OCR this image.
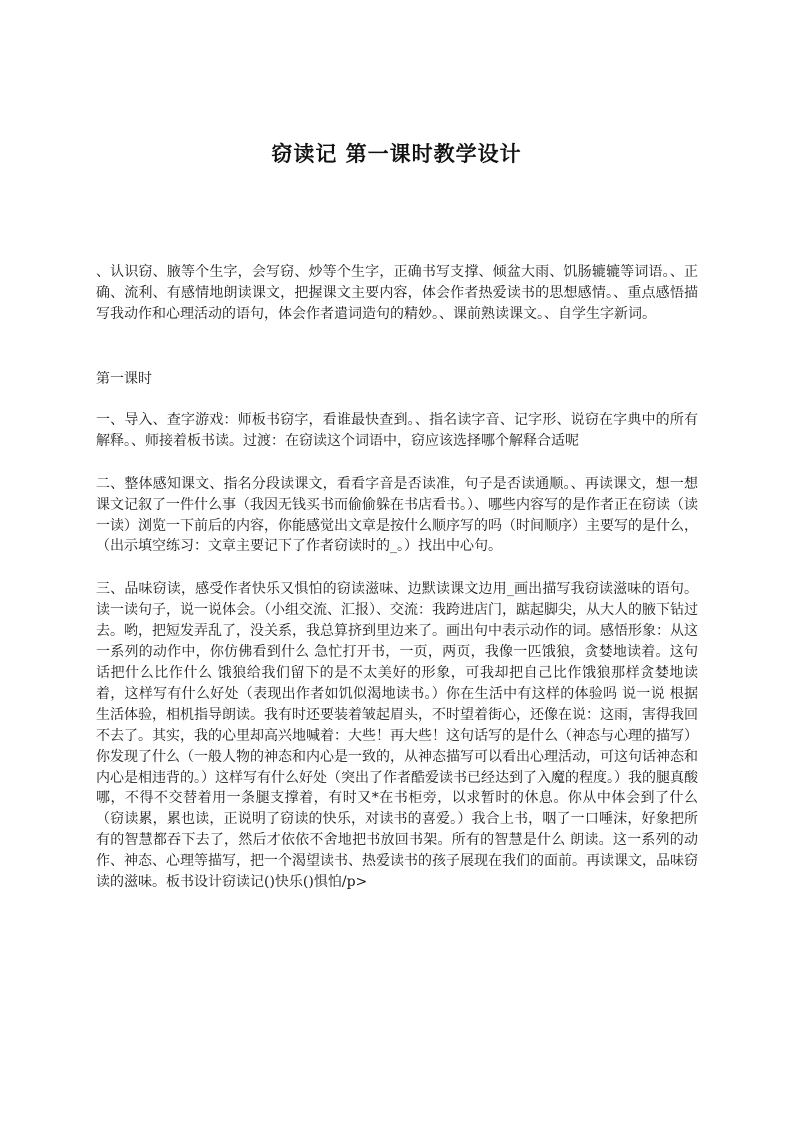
窃读记 第一课时教学设计

、认识窃、腋等个生字，会写窃、炒等个生字，正确书写支撑、倾盆大雨、饥肠辘辘等词语。、正确、流利、有感情地朗读课文，把握课文主要内容，体会作者热爱读书的思想感情。、重点感悟描写我动作和心理活动的语句，体会作者遣词造句的精妙。、课前熟读课文。、自学生字新词。

第一课时

一、导入、查字游戏：师板书窃字，看谁最快查到。、指名读字音、记字形、说窃在字典中的所有解释。、师接着板书读。过渡：在窃读这个词语中，窃应该选择哪个解释合适呢

二、整体感知课文、指名分段读课文，看看字音是否读准，句子是否读通顺。、再读课文，想一想课文记叙了一件什么事（我因无钱买书而偷偷躲在书店看书。）、哪些内容写的是作者正在窃读（读一读）浏览一下前后的内容，你能感觉出文章是按什么顺序写的吗（时间顺序）主要写的是什么，（出示填空练习：文章主要记下了作者窃读时的_。）找出中心句。

三、品味窃读，感受作者快乐又惧怕的窃读滋味、边默读课文边用_画出描写我窃读滋味的语句。读一读句子，说一说体会。（小组交流、汇报）、交流：我跨进店门，踮起脚尖，从大人的腋下钻过去。哟，把短发弄乱了，没关系，我总算挤到里边来了。画出句中表示动作的词。感悟形象：从这一系列的动作中，你仿佛看到什么 急忙打开书，一页，两页，我像一匹饿狼，贪婪地读着。这句话把什么比作什么 饿狼给我们留下的是不太美好的形象，可我却把自己比作饿狼那样贪婪地读着，这样写有什么好处（表现出作者如饥似渴地读书。）你在生活中有这样的体验吗 说一说 根据生活体验，相机指导朗读。我有时还要装着皱起眉头，不时望着街心，还像在说：这雨，害得我回不去了。其实，我的心里却高兴地喊着：大些！再大些！这句话写的是什么（神态与心理的描写）你发现了什么（一般人物的神态和内心是一致的，从神态描写可以看出心理活动，可这句话神态和内心是相违背的。）这样写有什么好处（突出了作者酷爱读书已经达到了入魔的程度。）我的腿真酸哪，不得不交替着用一条腿支撑着，有时又*在书柜旁，以求暂时的休息。你从中体会到了什么（窃读累，累也读，正说明了窃读的快乐，对读书的喜爱。）我合上书，咽了一口唾沫，好象把所有的智慧都吞下去了，然后才依依不舍地把书放回书架。所有的智慧是什么 朗读。这一系列的动作、神态、心理等描写，把一个渴望读书、热爱读书的孩子展现在我们的面前。再读课文，品味窃读的滋味。板书设计窃读记()快乐()惧怕/p>
